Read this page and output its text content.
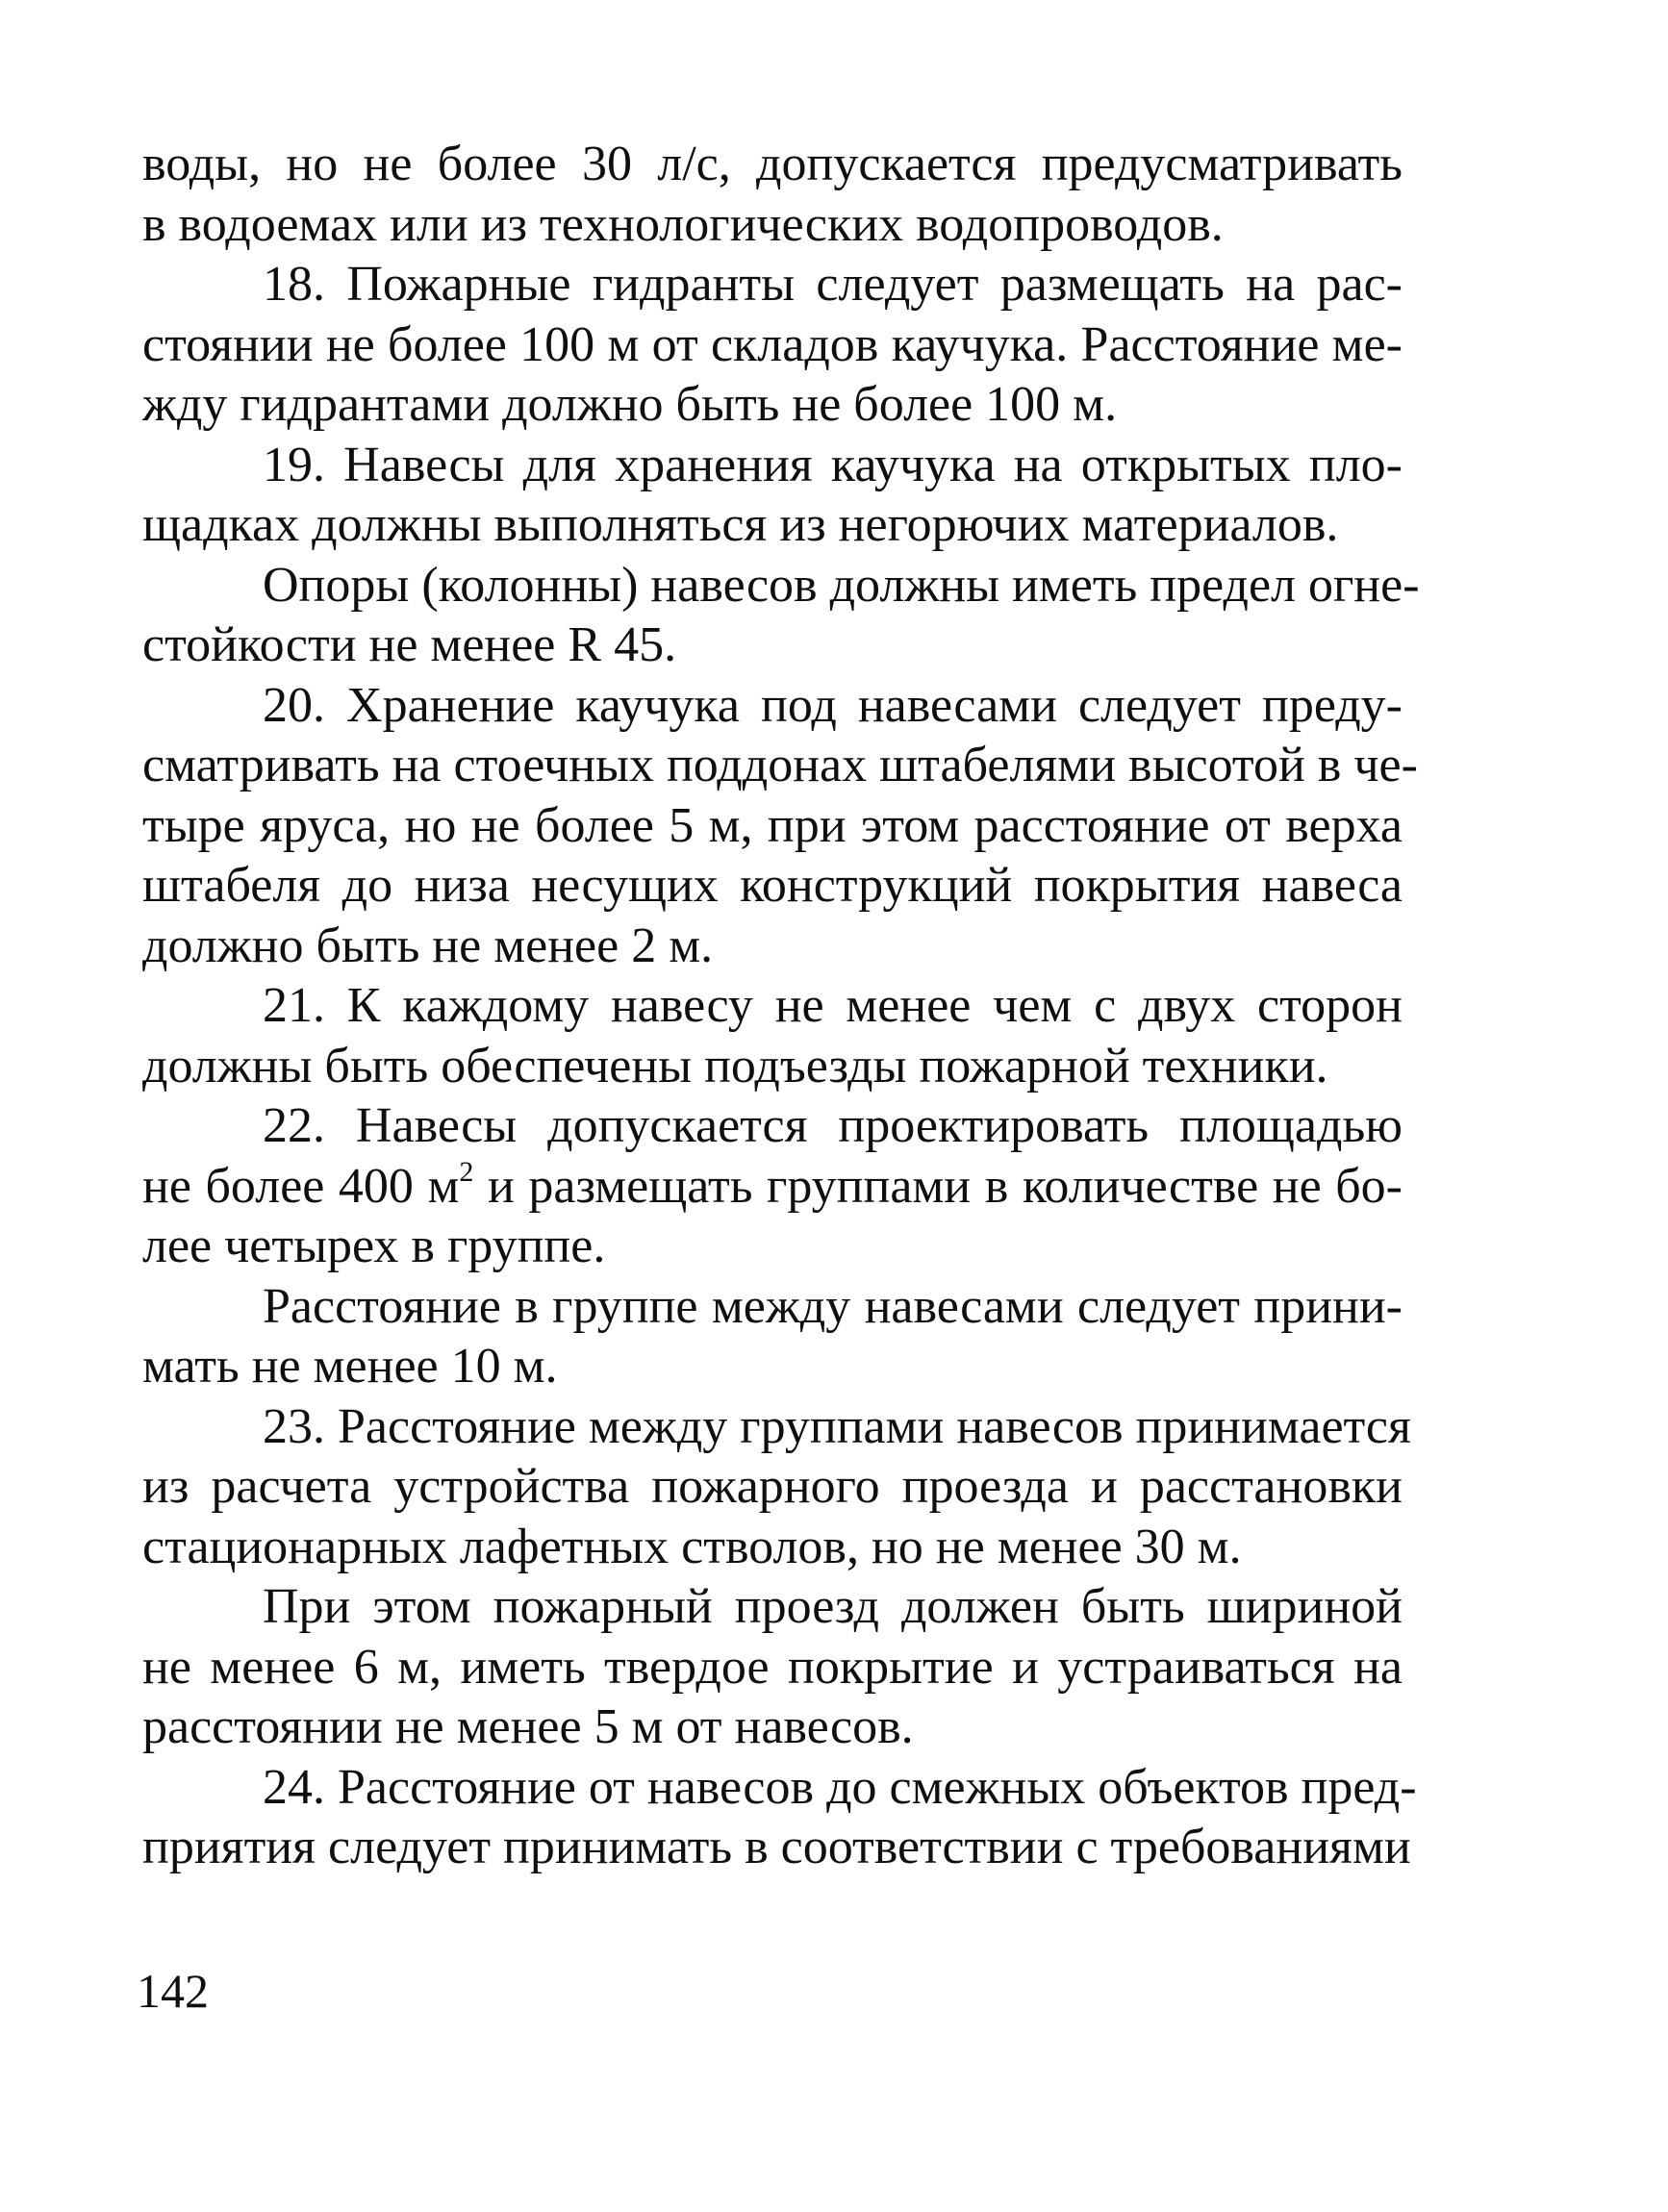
воды, но не более 30 л/с, допускается предусматривать
в водоемах или из технологических водопроводов.

18. Пожарные гидранты следует размещать на рас-
стоянии не более 100 м от складов каучука. Расстояние ме-
жду гидрантами должно быть не более 100 м.

19. Навесы для хранения каучука на открытых пло-
щадках должны выполняться из негорючих материалов.

Опоры (колонны) навесов должны иметь предел огне-
стойкости не менее R 45.

20. Хранение каучука под навесами следует преду-
сматривать на стоечных поддонах штабелями высотой в че-
тыре яруса, но не более 5 м, при этом расстояние от верха
штабеля до низа несущих конструкций покрытия навеса
должно быть не менее 2 м.

21. К каждому навесу не менее чем с двух сторон
должны быть обеспечены подъезды пожарной техники.

22. Навесы допускается проектировать площадью
не более 400 $м^2$ и размещать группами в количестве не бо-
лее четырех в группе.

Расстояние в группе между навесами следует прини-
мать не менее 10 м.

23. Расстояние между группами навесов принимается
из расчета устройства пожарного проезда и расстановки
стационарных лафетных стволов, но не менее 30 м.

При этом пожарный проезд должен быть шириной
не менее 6 м, иметь твердое покрытие и устраиваться на
расстоянии не менее 5 м от навесов.

24. Расстояние от навесов до смежных объектов пред-
приятия следует принимать в соответствии с требованиями

142
